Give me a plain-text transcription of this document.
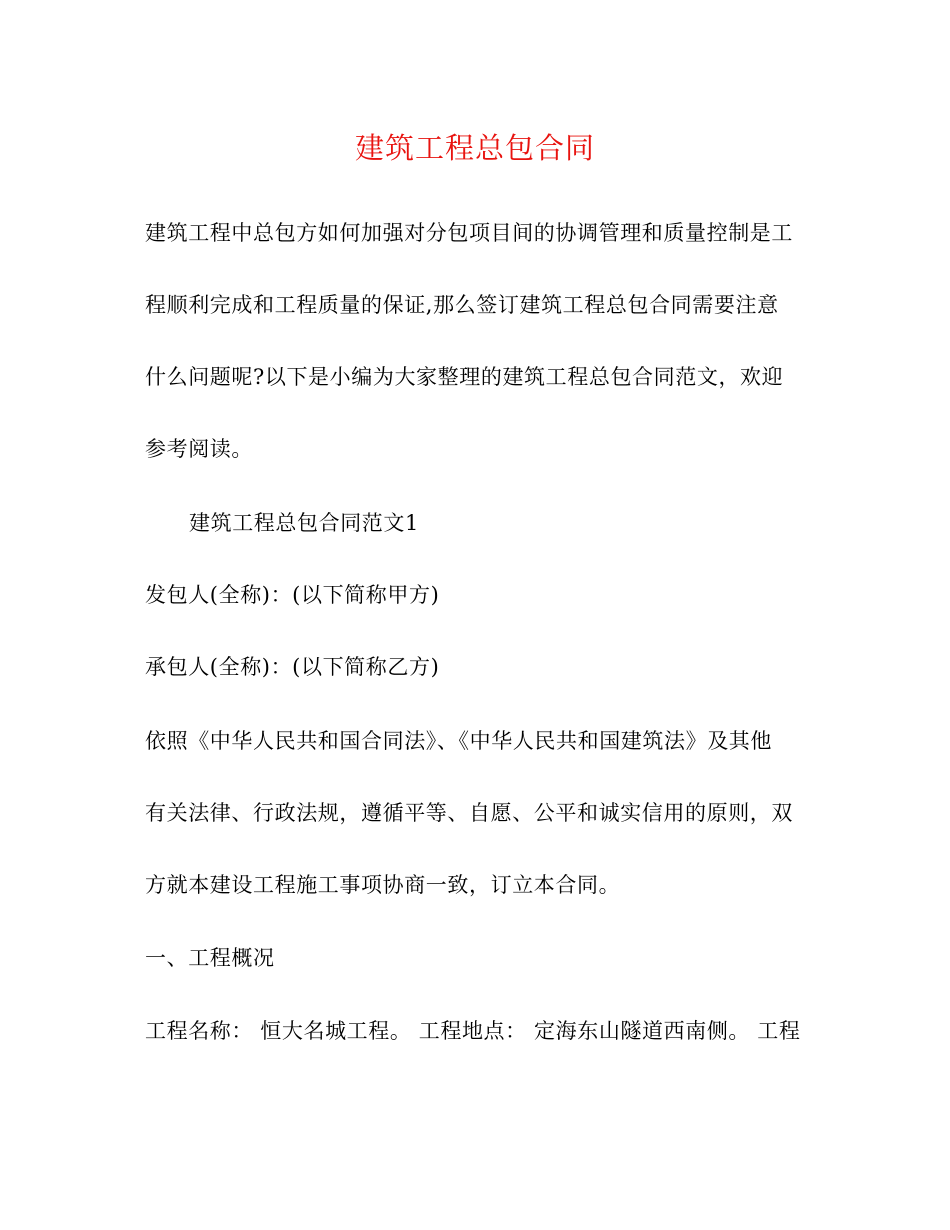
建筑工程总包合同
建筑工程中总包方如何加强对分包项目间的协调管理和质量控制是工
程顺利完成和工程质量的保证,那么签订建筑工程总包合同需要注意
什么问题呢?以下是小编为大家整理的建筑工程总包合同范文，欢迎
参考阅读。
建筑工程总包合同范文1
发包人(全称)：(以下简称甲方)
承包人(全称)：(以下简称乙方)
依照《中华人民共和国合同法》、《中华人民共和国建筑法》及其他
有关法律、行政法规，遵循平等、自愿、公平和诚实信用的原则，双
方就本建设工程施工事项协商一致，订立本合同。
一、工程概况
工程名称： 恒大名城工程。 工程地点： 定海东山隧道西南侧。 工程
